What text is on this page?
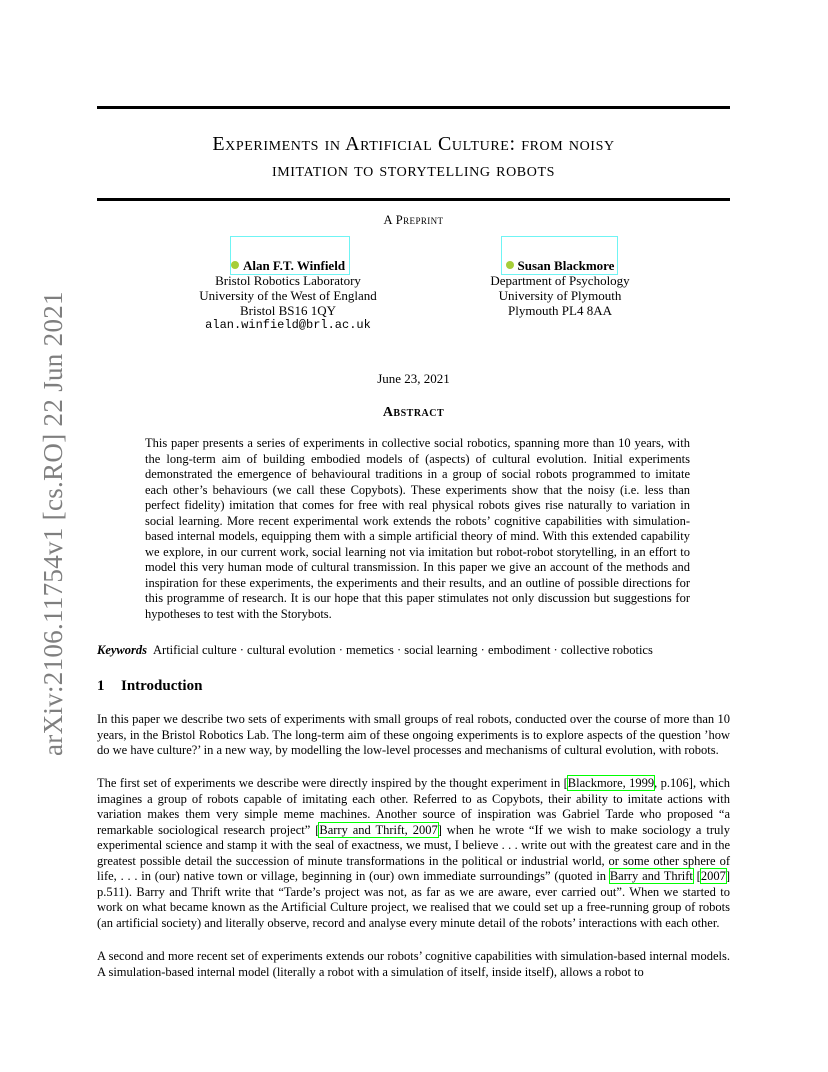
arXiv:2106.11754v1 [cs.RO] 22 Jun 2021
Experiments in Artificial Culture: from noisy
imitation to storytelling robots
A Preprint
Alan F.T. Winfield
Bristol Robotics Laboratory
University of the West of England
Bristol BS16 1QY
alan.winfield@brl.ac.uk
Susan Blackmore
Department of Psychology
University of Plymouth
Plymouth PL4 8AA
June 23, 2021
Abstract
This paper presents a series of experiments in collective social robotics, spanning more than 10 years, with the long-term aim of building embodied models of (aspects) of cultural evolution. Initial experiments demonstrated the emergence of behavioural traditions in a group of social robots programmed to imitate each other’s behaviours (we call these Copybots). These experiments show that the noisy (i.e. less than perfect fidelity) imitation that comes for free with real physical robots gives rise naturally to variation in social learning. More recent experimental work extends the robots’ cognitive capabilities with simulation-based internal models, equipping them with a simple artificial theory of mind. With this extended capability we explore, in our current work, social learning not via imitation but robot-robot storytelling, in an effort to model this very human mode of cultural transmission. In this paper we give an account of the methods and inspiration for these experiments, the experiments and their results, and an outline of possible directions for this programme of research. It is our hope that this paper stimulates not only discussion but suggestions for hypotheses to test with the Storybots.
Keywords Artificial culture · cultural evolution · memetics · social learning · embodiment · collective robotics
1 Introduction

In this paper we describe two sets of experiments with small groups of real robots, conducted over the course of more than 10 years, in the Bristol Robotics Lab. The long-term aim of these ongoing experiments is to explore aspects of the question ’how do we have culture?’ in a new way, by modelling the low-level processes and mechanisms of cultural evolution, with robots.

The first set of experiments we describe were directly inspired by the thought experiment in [Blackmore, 1999, p.106], which imagines a group of robots capable of imitating each other. Referred to as Copybots, their ability to imitate actions with variation makes them very simple meme machines. Another source of inspiration was Gabriel Tarde who proposed “a remarkable sociological research project” [Barry and Thrift, 2007] when he wrote “If we wish to make sociology a truly experimental science and stamp it with the seal of exactness, we must, I believe . . . write out with the greatest care and in the greatest possible detail the succession of minute transformations in the political or industrial world, or some other sphere of life, . . . in (our) native town or village, beginning in (our) own immediate surroundings” (quoted in Barry and Thrift [2007] p.511). Barry and Thrift write that “Tarde’s project was not, as far as we are aware, ever carried out”. When we started to work on what became known as the Artificial Culture project, we realised that we could set up a free-running group of robots (an artificial society) and literally observe, record and analyse every minute detail of the robots’ interactions with each other.

A second and more recent set of experiments extends our robots’ cognitive capabilities with simulation-based internal models. A simulation-based internal model (literally a robot with a simulation of itself, inside itself), allows a robot to
